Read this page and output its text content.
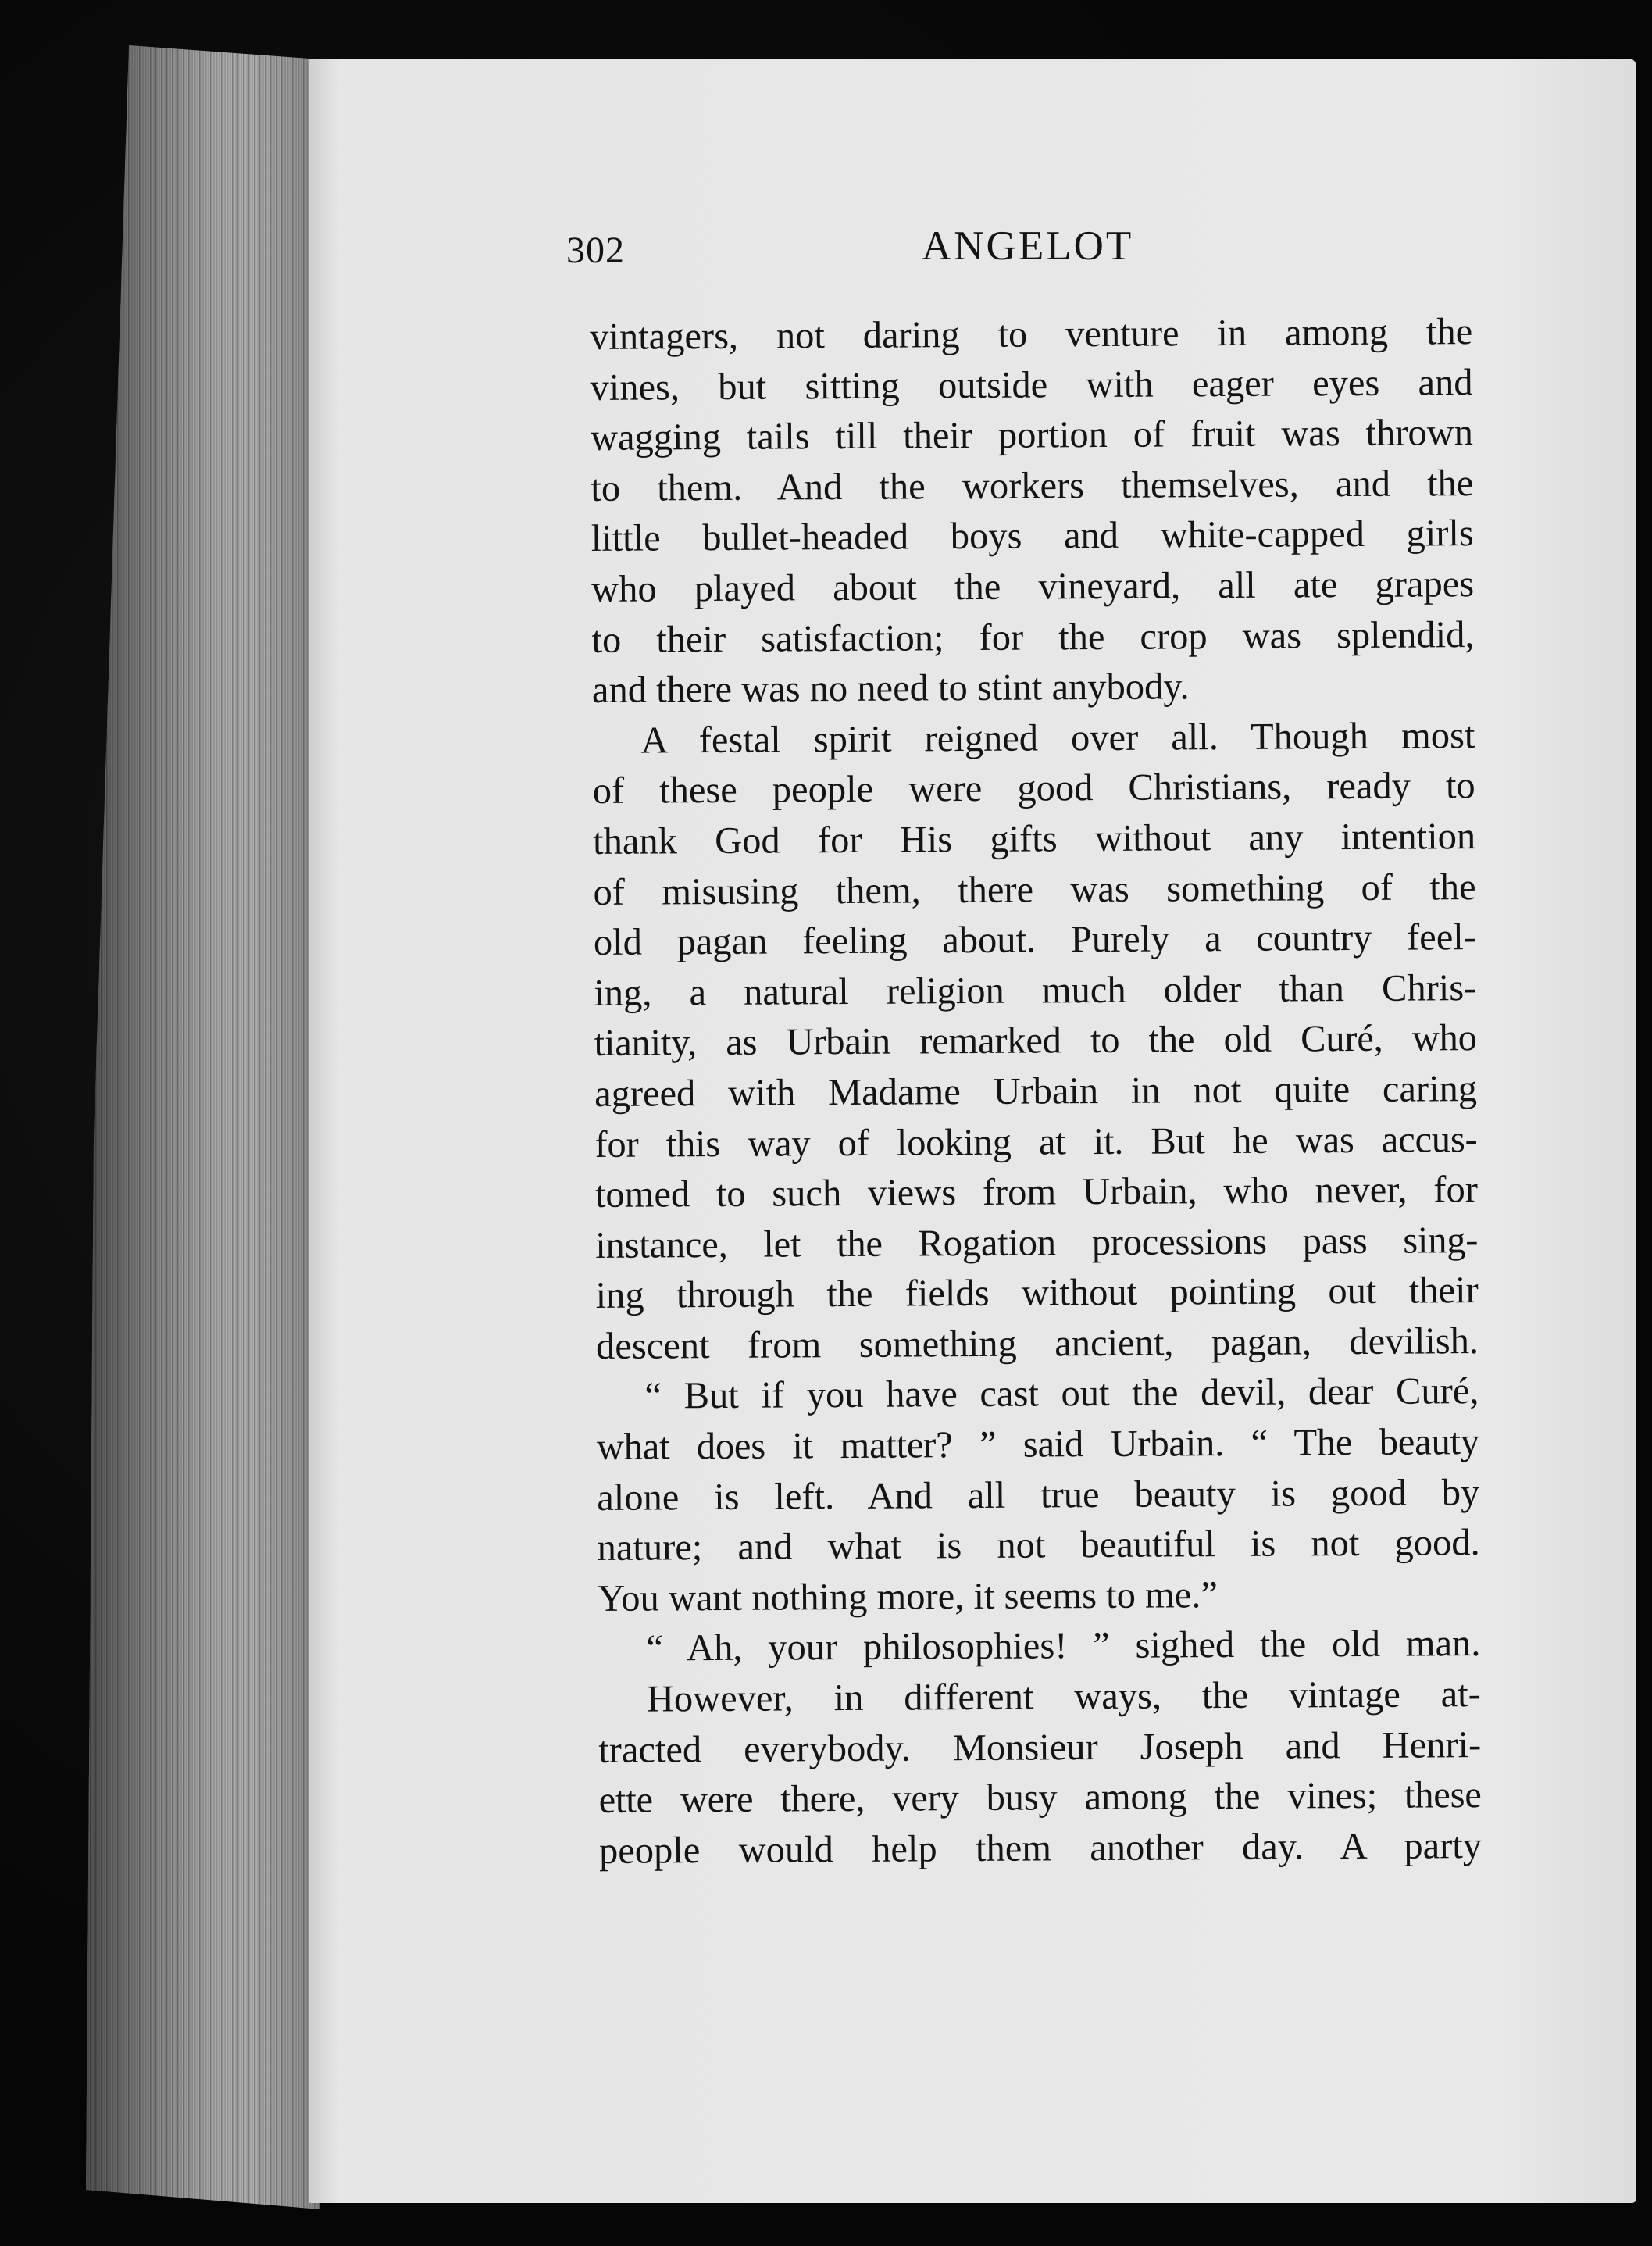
302	ANGELOT
vintagers, not daring to venture in among the
vines, but sitting outside with eager eyes and
wagging tails till their portion of fruit was thrown
to them. And the workers themselves, and the
little bullet-headed boys and white-capped girls
who played about the vineyard, all ate grapes
to their satisfaction; for the crop was splendid,
and there was no need to stint anybody.
A festal spirit reigned over all. Though most
of these people were good Christians, ready to
thank God for His gifts without any intention
of misusing them, there was something of the
old pagan feeling about. Purely a country feel-
ing, a natural religion much older than Chris-
tianity, as Urbain remarked to the old Curé, who
agreed with Madame Urbain in not quite caring
for this way of looking at it. But he was accus-
tomed to such views from Urbain, who never, for
instance, let the Rogation processions pass sing-
ing through the fields without pointing out their
descent from something ancient, pagan, devilish.
“ But if you have cast out the devil, dear Curé,
what does it matter? ” said Urbain. “ The beauty
alone is left. And all true beauty is good by
nature; and what is not beautiful is not good.
You want nothing more, it seems to me.”
“ Ah, your philosophies! ” sighed the old man.
However, in different ways, the vintage at-
tracted everybody. Monsieur Joseph and Henri-
ette were there, very busy among the vines; these
people would help them another day. A party
